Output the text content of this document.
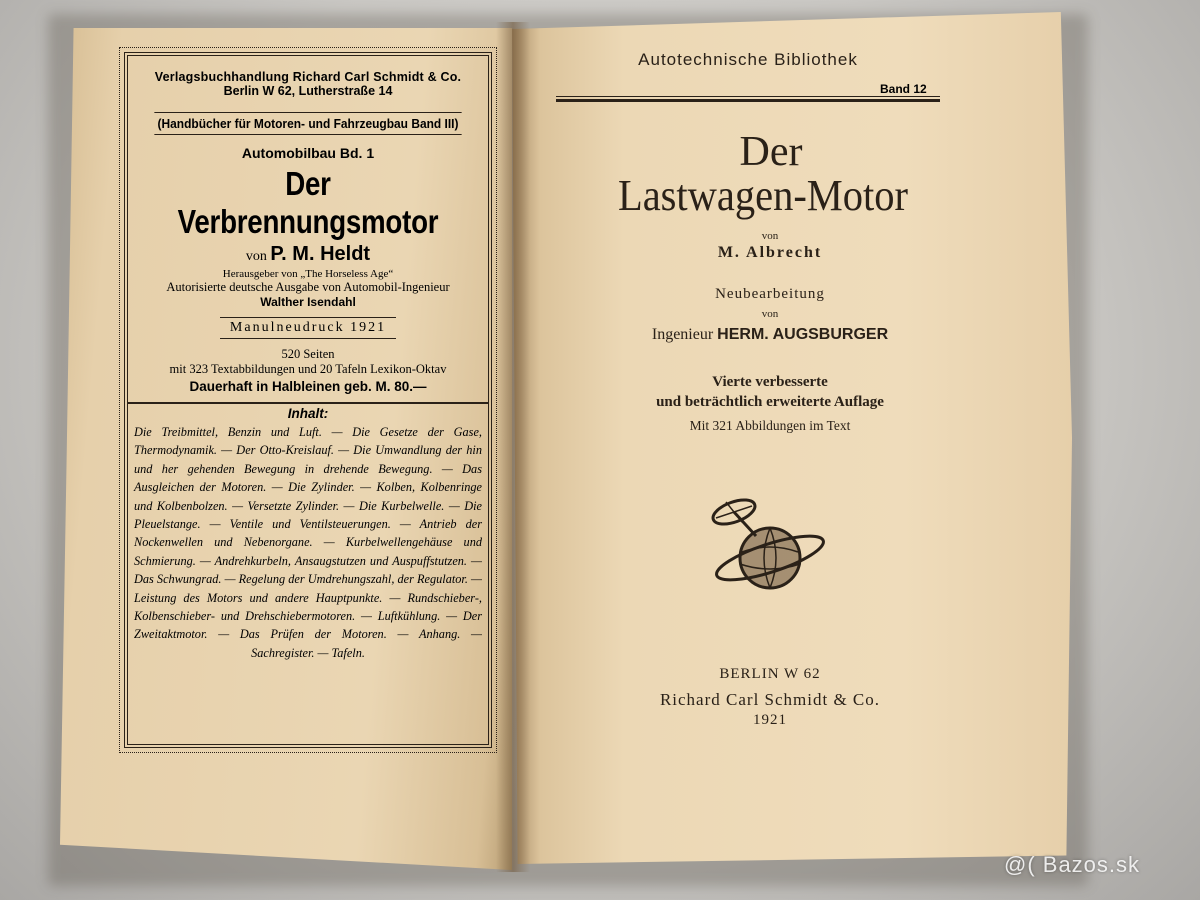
Verlagsbuchhandlung Richard Carl Schmidt & Co.
Berlin W 62, Lutherstraße 14
(Handbücher für Motoren- und Fahrzeugbau Band III)
Automobilbau Bd. 1
Der Verbrennungsmotor
von P. M. Heldt
Herausgeber von „The Horseless Age“
Autorisierte deutsche Ausgabe von Automobil-Ingenieur
Walther Isendahl
Manulneudruck 1921
520 Seiten
mit 323 Textabbildungen und 20 Tafeln Lexikon-Oktav
Dauerhaft in Halbleinen geb. M. 80.—
Inhalt:
Die Treibmittel, Benzin und Luft. — Die Gesetze der Gase, Thermodynamik. — Der Otto-Kreislauf. — Die Umwandlung der hin und her gehenden Bewegung in drehende Bewegung. — Das Ausgleichen der Motoren. — Die Zylinder. — Kolben, Kolbenringe und Kolbenbolzen. — Versetzte Zylinder. — Die Kurbelwelle. — Die Pleuelstange. — Ventile und Ventilsteuerungen. — Antrieb der Nockenwellen und Nebenorgane. — Kurbelwellengehäuse und Schmierung. — Andrehkurbeln, Ansaugstutzen und Auspuffstutzen. — Das Schwungrad. — Regelung der Umdrehungszahl, der Regulator. — Leistung des Motors und andere Hauptpunkte. — Rundschieber-, Kolbenschieber- und Drehschiebermotoren. — Luftkühlung. — Der Zweitaktmotor. — Das Prüfen der Motoren. — Anhang. — Sachregister. — Tafeln.
Autotechnische Bibliothek
Band 12
Der
Lastwagen-Motor
von
M. Albrecht
Neubearbeitung
von
Ingenieur HERM. AUGSBURGER
Vierte verbesserte
und beträchtlich erweiterte Auflage
Mit 321 Abbildungen im Text
BERLIN W 62
Richard Carl Schmidt & Co.
1921
@( Bazos.sk
